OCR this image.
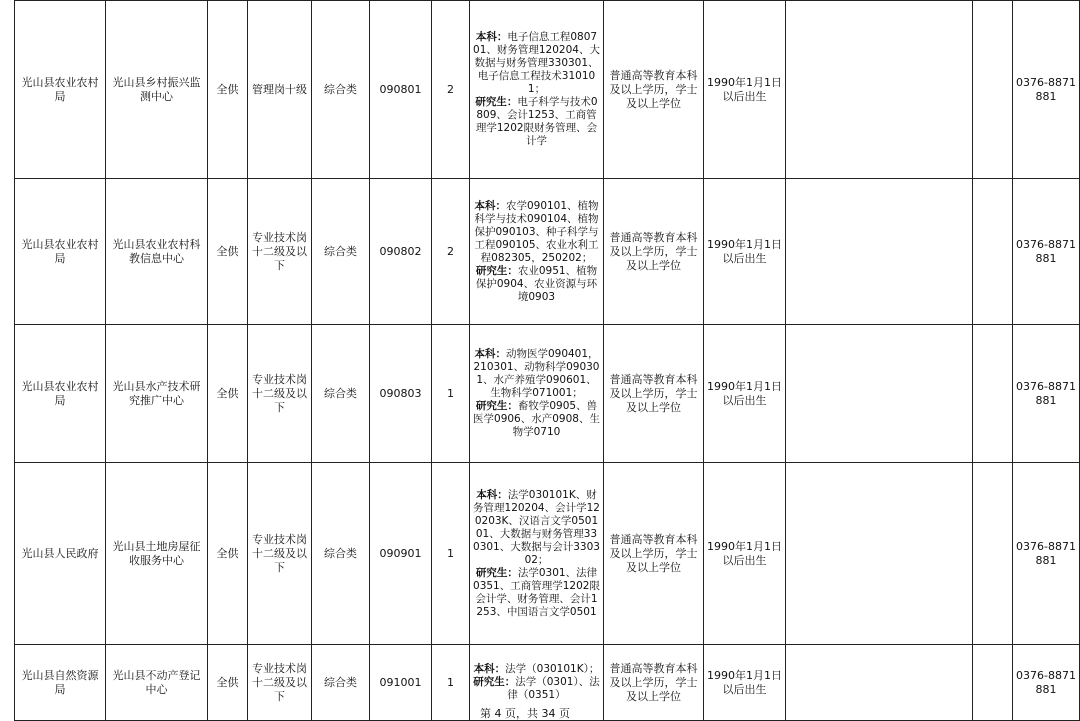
光山县农业农村局	光山县乡村振兴监测中心	全供	管理岗十级	综合类	090801	2	本科：电子信息工程080701、财务管理120204、大数据与财务管理330301、电子信息工程技术310101；
研究生：电子科学与技术0809、会计1253、工商管理学1202限财务管理、会计学	普通高等教育本科及以上学历，学士及以上学位	1990年1月1日以后出生			0376-8871881
光山县农业农村局	光山县农业农村科教信息中心	全供	专业技术岗十二级及以下	综合类	090802	2	本科：农学090101、植物科学与技术090104、植物保护090103、种子科学与工程090105、农业水利工程082305，250202；
研究生：农业0951、植物保护0904、农业资源与环境0903	普通高等教育本科及以上学历，学士及以上学位	1990年1月1日以后出生			0376-8871881
光山县农业农村局	光山县水产技术研究推广中心	全供	专业技术岗十二级及以下	综合类	090803	1	本科：动物医学090401，210301、动物科学090301、水产养殖学090601、生物科学071001；
研究生：畜牧学0905、兽医学0906、水产0908、生物学0710	普通高等教育本科及以上学历，学士及以上学位	1990年1月1日以后出生			0376-8871881
光山县人民政府	光山县土地房屋征收服务中心	全供	专业技术岗十二级及以下	综合类	090901	1	本科：法学030101K、财务管理120204、会计学120203K、汉语言文学050101、大数据与财务管理330301、大数据与会计330302；
研究生：法学0301、法律0351、工商管理学1202限会计学、财务管理、会计1253、中国语言文学0501	普通高等教育本科及以上学历，学士及以上学位	1990年1月1日以后出生			0376-8871881
光山县自然资源局	光山县不动产登记中心	全供	专业技术岗十二级及以下	综合类	091001	1	本科：法学（030101K）；
研究生：法学（0301）、法律（0351）	普通高等教育本科及以上学历，学士及以上学位	1990年1月1日以后出生			0376-8871881
第 4 页，共 34 页
